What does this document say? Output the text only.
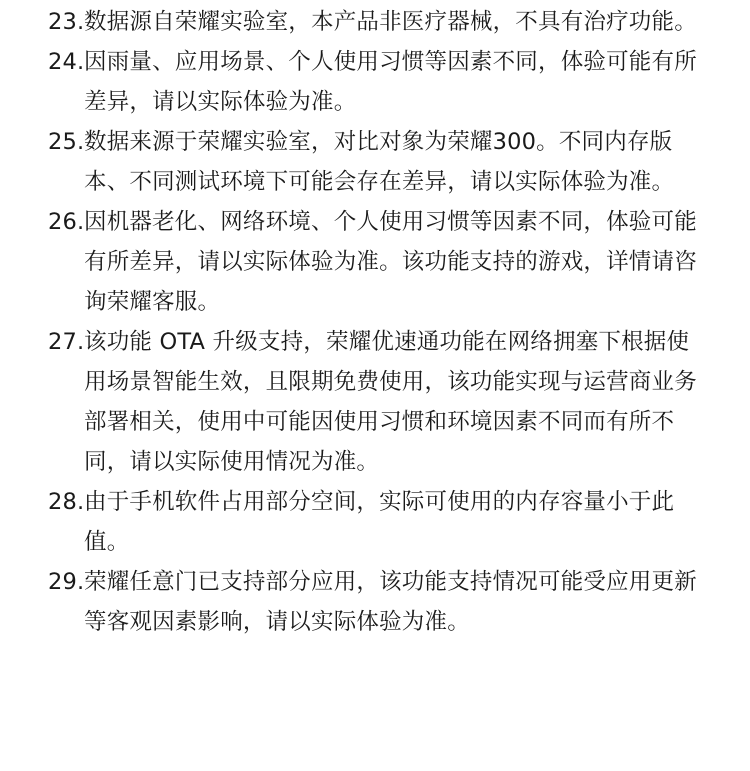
23. 数据源自荣耀实验室，本产品非医疗器械，不具有治疗功能。
24. 因雨量、应用场景、个人使用习惯等因素不同，体验可能有所差异，请以实际体验为准。
25. 数据来源于荣耀实验室，对比对象为荣耀300。不同内存版本、不同测试环境下可能会存在差异，请以实际体验为准。
26. 因机器老化、网络环境、个人使用习惯等因素不同，体验可能有所差异，请以实际体验为准。该功能支持的游戏，详情请咨询荣耀客服。
27. 该功能 OTA 升级支持，荣耀优速通功能在网络拥塞下根据使用场景智能生效，且限期免费使用，该功能实现与运营商业务部署相关，使用中可能因使用习惯和环境因素不同而有所不同，请以实际使用情况为准。
28. 由于手机软件占用部分空间，实际可使用的内存容量小于此值。
29. 荣耀任意门已支持部分应用，该功能支持情况可能受应用更新等客观因素影响，请以实际体验为准。
